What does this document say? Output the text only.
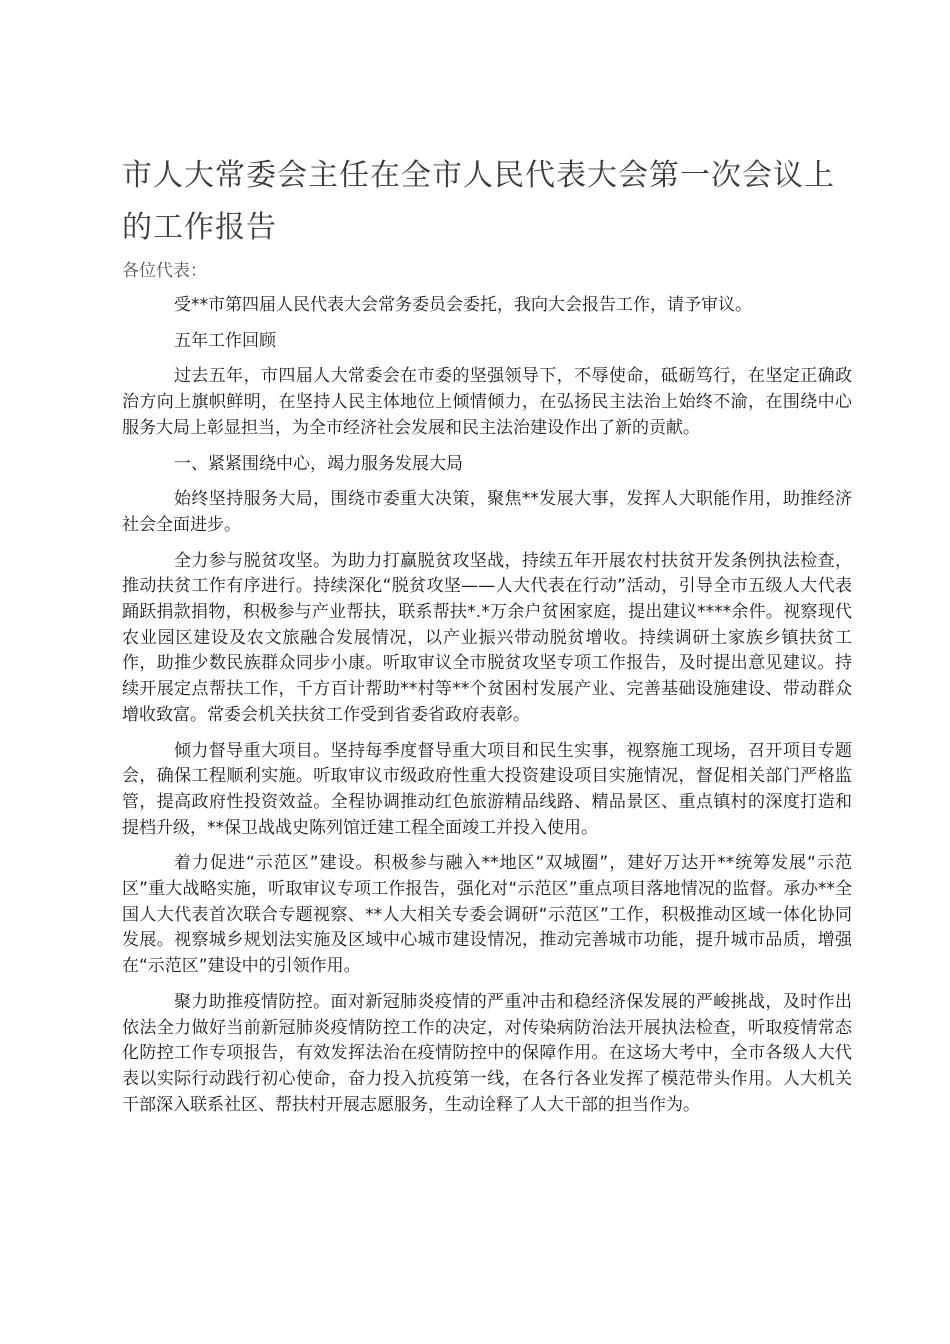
市人大常委会主任在全市人民代表大会第一次会议上的工作报告

各位代表：

受**市第四届人民代表大会常务委员会委托，我向大会报告工作，请予审议。

五年工作回顾

过去五年，市四届人大常委会在市委的坚强领导下，不辱使命，砥砺笃行，在坚定正确政治方向上旗帜鲜明，在坚持人民主体地位上倾情倾力，在弘扬民主法治上始终不渝，在围绕中心服务大局上彰显担当，为全市经济社会发展和民主法治建设作出了新的贡献。

一、紧紧围绕中心，竭力服务发展大局

始终坚持服务大局，围绕市委重大决策，聚焦**发展大事，发挥人大职能作用，助推经济社会全面进步。

全力参与脱贫攻坚。为助力打赢脱贫攻坚战，持续五年开展农村扶贫开发条例执法检查，推动扶贫工作有序进行。持续深化“脱贫攻坚——人大代表在行动”活动，引导全市五级人大代表踊跃捐款捐物，积极参与产业帮扶，联系帮扶*.*万余户贫困家庭，提出建议****余件。视察现代农业园区建设及农文旅融合发展情况，以产业振兴带动脱贫增收。持续调研土家族乡镇扶贫工作，助推少数民族群众同步小康。听取审议全市脱贫攻坚专项工作报告，及时提出意见建议。持续开展定点帮扶工作，千方百计帮助**村等**个贫困村发展产业、完善基础设施建设、带动群众增收致富。常委会机关扶贫工作受到省委省政府表彰。

倾力督导重大项目。坚持每季度督导重大项目和民生实事，视察施工现场，召开项目专题会，确保工程顺利实施。听取审议市级政府性重大投资建设项目实施情况，督促相关部门严格监管，提高政府性投资效益。全程协调推动红色旅游精品线路、精品景区、重点镇村的深度打造和提档升级，**保卫战战史陈列馆迁建工程全面竣工并投入使用。

着力促进“示范区”建设。积极参与融入**地区“双城圈”，建好万达开**统筹发展“示范区”重大战略实施，听取审议专项工作报告，强化对“示范区”重点项目落地情况的监督。承办**全国人大代表首次联合专题视察、**人大相关专委会调研“示范区”工作，积极推动区域一体化协同发展。视察城乡规划法实施及区域中心城市建设情况，推动完善城市功能，提升城市品质，增强在“示范区”建设中的引领作用。

聚力助推疫情防控。面对新冠肺炎疫情的严重冲击和稳经济保发展的严峻挑战，及时作出依法全力做好当前新冠肺炎疫情防控工作的决定，对传染病防治法开展执法检查，听取疫情常态化防控工作专项报告，有效发挥法治在疫情防控中的保障作用。在这场大考中，全市各级人大代表以实际行动践行初心使命，奋力投入抗疫第一线，在各行各业发挥了模范带头作用。人大机关干部深入联系社区、帮扶村开展志愿服务，生动诠释了人大干部的担当作为。
